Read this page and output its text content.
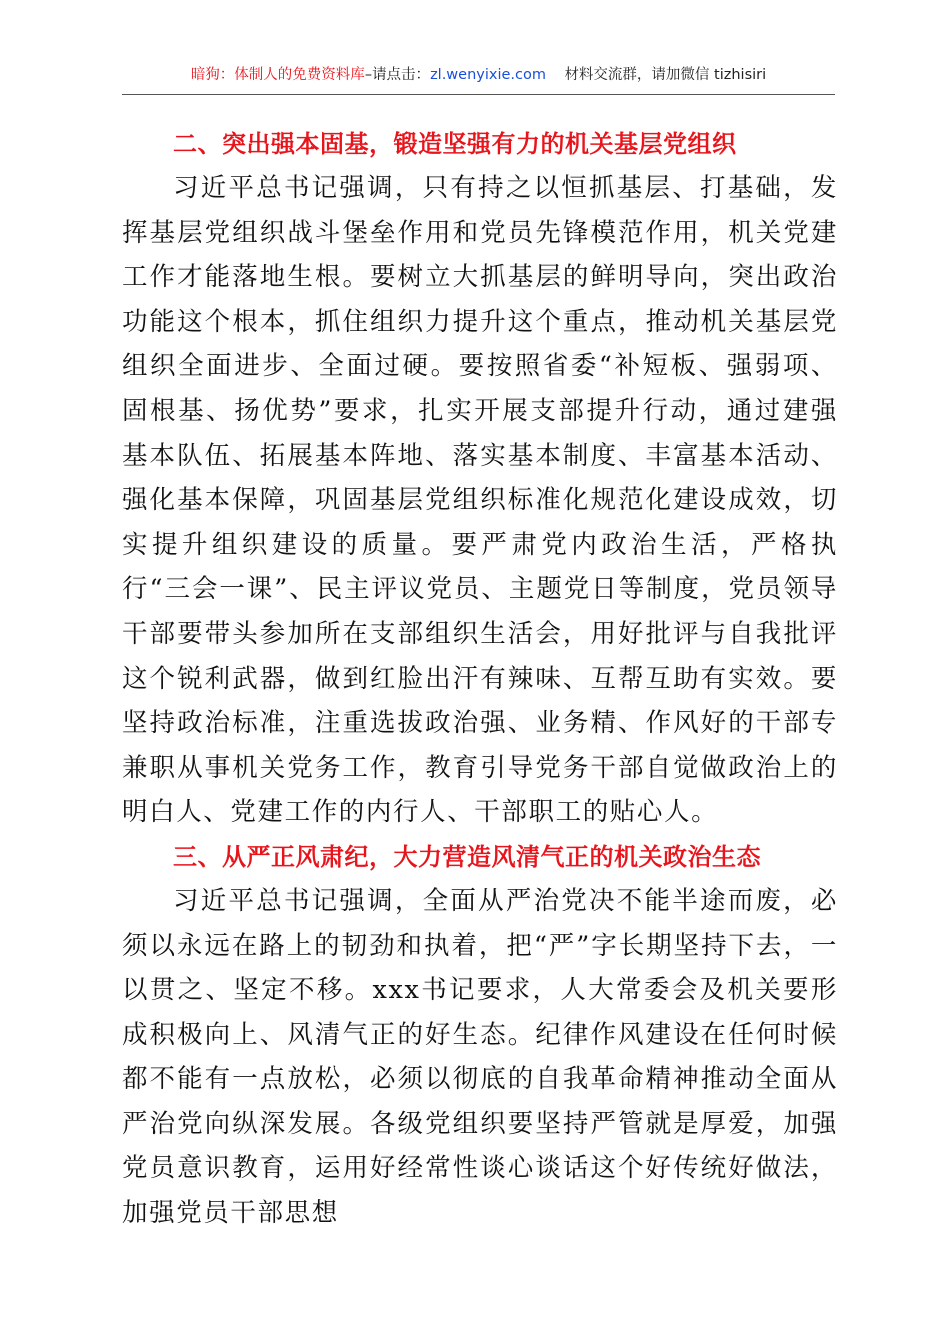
暗狗：体制人的免费资料库–请点击：zl.wenyixie.com 材料交流群，请加微信 tizhisiri
二、突出强本固基，锻造坚强有力的机关基层党组织

习近平总书记强调，只有持之以恒抓基层、打基础，发挥基层党组织战斗堡垒作用和党员先锋模范作用，机关党建工作才能落地生根。要树立大抓基层的鲜明导向，突出政治功能这个根本，抓住组织力提升这个重点，推动机关基层党组织全面进步、全面过硬。要按照省委“补短板、强弱项、固根基、扬优势”要求，扎实开展支部提升行动，通过建强基本队伍、拓展基本阵地、落实基本制度、丰富基本活动、强化基本保障，巩固基层党组织标准化规范化建设成效，切实提升组织建设的质量。要严肃党内政治生活，严格执行“三会一课”、民主评议党员、主题党日等制度，党员领导干部要带头参加所在支部组织生活会，用好批评与自我批评这个锐利武器，做到红脸出汗有辣味、互帮互助有实效。要坚持政治标准，注重选拔政治强、业务精、作风好的干部专兼职从事机关党务工作，教育引导党务干部自觉做政治上的明白人、党建工作的内行人、干部职工的贴心人。

三、从严正风肃纪，大力营造风清气正的机关政治生态

习近平总书记强调，全面从严治党决不能半途而废，必须以永远在路上的韧劲和执着，把“严”字长期坚持下去，一以贯之、坚定不移。xxx书记要求，人大常委会及机关要形成积极向上、风清气正的好生态。纪律作风建设在任何时候都不能有一点放松，必须以彻底的自我革命精神推动全面从严治党向纵深发展。各级党组织要坚持严管就是厚爱，加强党员意识教育，运用好经常性谈心谈话这个好传统好做法，加强党员干部思想
